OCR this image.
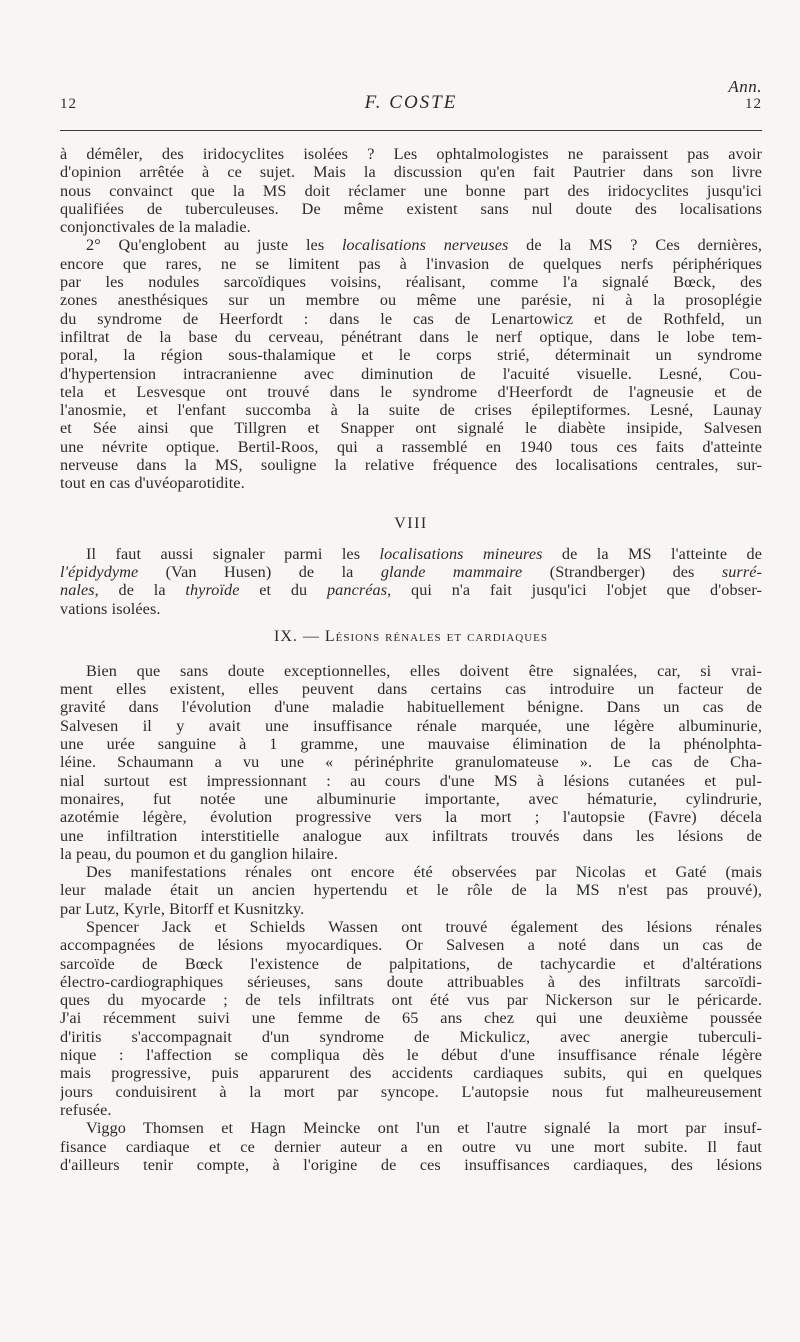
Ann.
12	F. COSTE	12
à démêler, des iridocyclites isolées ? Les ophtalmologistes ne paraissent pas avoir
d'opinion arrêtée à ce sujet. Mais la discussion qu'en fait Pautrier dans son livre
nous convainct que la MS doit réclamer une bonne part des iridocyclites jusqu'ici
qualifiées de tuberculeuses. De même existent sans nul doute des localisations
conjonctivales de la maladie.
2° Qu'englobent au juste les localisations nerveuses de la MS ? Ces dernières,
encore que rares, ne se limitent pas à l'invasion de quelques nerfs périphériques
par les nodules sarcoïdiques voisins, réalisant, comme l'a signalé Bœck, des
zones anesthésiques sur un membre ou même une parésie, ni à la prosoplégie
du syndrome de Heerfordt : dans le cas de Lenartowicz et de Rothfeld, un
infiltrat de la base du cerveau, pénétrant dans le nerf optique, dans le lobe tem-
poral, la région sous-thalamique et le corps strié, déterminait un syndrome
d'hypertension intracranienne avec diminution de l'acuité visuelle. Lesné, Cou-
tela et Lesvesque ont trouvé dans le syndrome d'Heerfordt de l'agneusie et de
l'anosmie, et l'enfant succomba à la suite de crises épileptiformes. Lesné, Launay
et Sée ainsi que Tillgren et Snapper ont signalé le diabète insipide, Salvesen
une névrite optique. Bertil-Roos, qui a rassemblé en 1940 tous ces faits d'atteinte
nerveuse dans la MS, souligne la relative fréquence des localisations centrales, sur-
tout en cas d'uvéoparotidite.
VIII
Il faut aussi signaler parmi les localisations mineures de la MS l'atteinte de
l'épidydyme (Van Husen) de la glande mammaire (Strandberger) des surré-
nales, de la thyroïde et du pancréas, qui n'a fait jusqu'ici l'objet que d'obser-
vations isolées.
IX. — Lésions rénales et cardiaques
Bien que sans doute exceptionnelles, elles doivent être signalées, car, si vrai-
ment elles existent, elles peuvent dans certains cas introduire un facteur de
gravité dans l'évolution d'une maladie habituellement bénigne. Dans un cas de
Salvesen il y avait une insuffisance rénale marquée, une légère albuminurie,
une urée sanguine à 1 gramme, une mauvaise élimination de la phénolphta-
léine. Schaumann a vu une « périnéphrite granulomateuse ». Le cas de Cha-
nial surtout est impressionnant : au cours d'une MS à lésions cutanées et pul-
monaires, fut notée une albuminurie importante, avec hématurie, cylindrurie,
azotémie légère, évolution progressive vers la mort ; l'autopsie (Favre) décela
une infiltration interstitielle analogue aux infiltrats trouvés dans les lésions de
la peau, du poumon et du ganglion hilaire.
Des manifestations rénales ont encore été observées par Nicolas et Gaté (mais
leur malade était un ancien hypertendu et le rôle de la MS n'est pas prouvé),
par Lutz, Kyrle, Bitorff et Kusnitzky.
Spencer Jack et Schields Wassen ont trouvé également des lésions rénales
accompagnées de lésions myocardiques. Or Salvesen a noté dans un cas de
sarcoïde de Bœck l'existence de palpitations, de tachycardie et d'altérations
électro-cardiographiques sérieuses, sans doute attribuables à des infiltrats sarcoïdi-
ques du myocarde ; de tels infiltrats ont été vus par Nickerson sur le péricarde.
J'ai récemment suivi une femme de 65 ans chez qui une deuxième poussée
d'iritis s'accompagnait d'un syndrome de Mickulicz, avec anergie tuberculi-
nique : l'affection se compliqua dès le début d'une insuffisance rénale légère
mais progressive, puis apparurent des accidents cardiaques subits, qui en quelques
jours conduisirent à la mort par syncope. L'autopsie nous fut malheureusement
refusée.
Viggo Thomsen et Hagn Meincke ont l'un et l'autre signalé la mort par insuf-
fisance cardiaque et ce dernier auteur a en outre vu une mort subite. Il faut
d'ailleurs tenir compte, à l'origine de ces insuffisances cardiaques, des lésions
